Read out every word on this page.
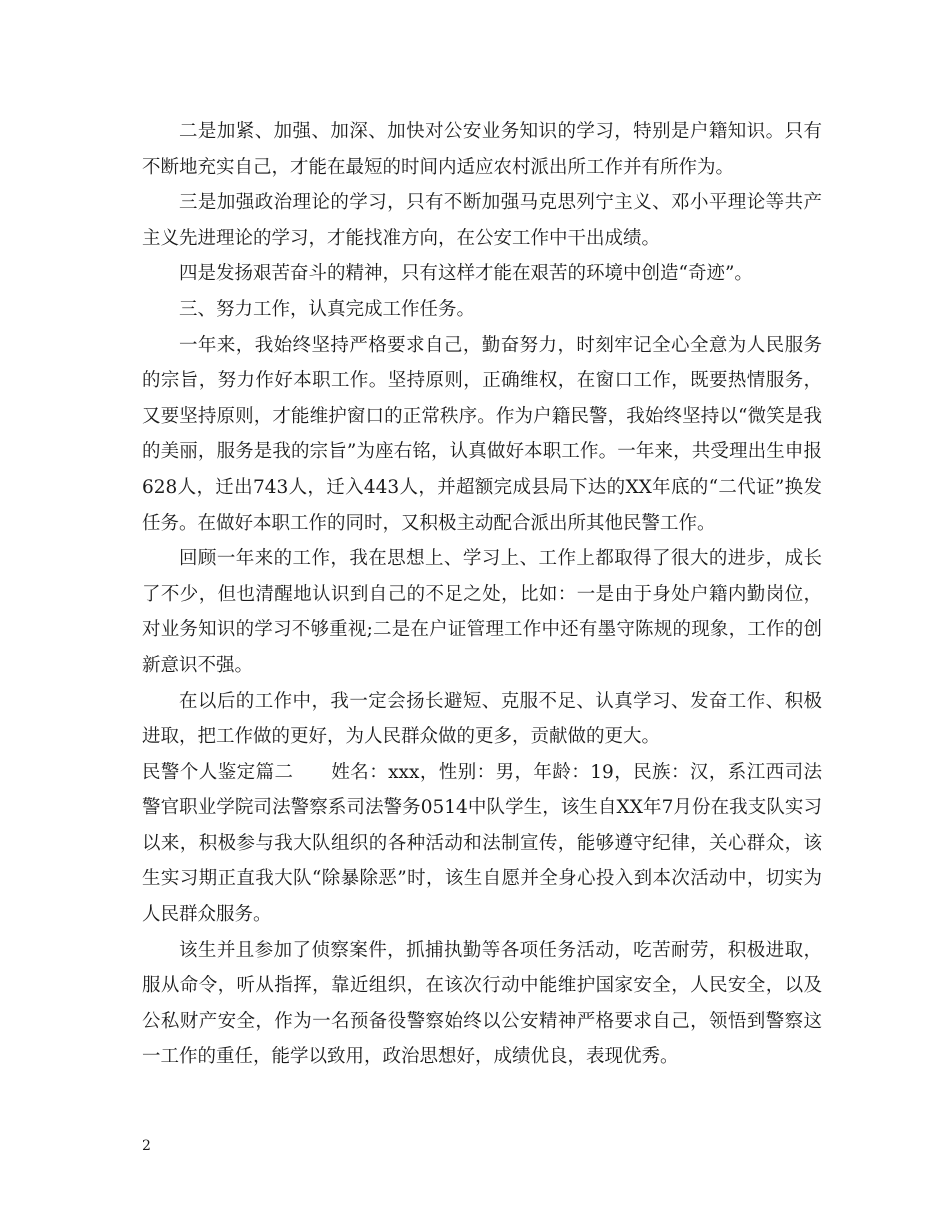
二是加紧、加强、加深、加快对公安业务知识的学习，特别是户籍知识。只有不断地充实自己，才能在最短的时间内适应农村派出所工作并有所作为。

三是加强政治理论的学习，只有不断加强马克思列宁主义、邓小平理论等共产主义先进理论的学习，才能找准方向，在公安工作中干出成绩。

四是发扬艰苦奋斗的精神，只有这样才能在艰苦的环境中创造“奇迹”。

三、努力工作，认真完成工作任务。

一年来，我始终坚持严格要求自己，勤奋努力，时刻牢记全心全意为人民服务的宗旨，努力作好本职工作。坚持原则，正确维权，在窗口工作，既要热情服务，又要坚持原则，才能维护窗口的正常秩序。作为户籍民警，我始终坚持以“微笑是我的美丽，服务是我的宗旨”为座右铭，认真做好本职工作。一年来，共受理出生申报628人，迁出743人，迁入443人，并超额完成县局下达的XX年底的“二代证”换发任务。在做好本职工作的同时，又积极主动配合派出所其他民警工作。

回顾一年来的工作，我在思想上、学习上、工作上都取得了很大的进步，成长了不少，但也清醒地认识到自己的不足之处，比如：一是由于身处户籍内勤岗位，对业务知识的学习不够重视;二是在户证管理工作中还有墨守陈规的现象，工作的创新意识不强。

在以后的工作中，我一定会扬长避短、克服不足、认真学习、发奋工作、积极进取，把工作做的更好，为人民群众做的更多，贡献做的更大。

民警个人鉴定篇二　　 姓名：xxx，性别：男，年龄：19，民族：汉，系江西司法警官职业学院司法警察系司法警务0514中队学生，该生自XX年7月份在我支队实习以来，积极参与我大队组织的各种活动和法制宣传，能够遵守纪律，关心群众，该生实习期正直我大队“除暴除恶”时，该生自愿并全身心投入到本次活动中，切实为人民群众服务。

该生并且参加了侦察案件，抓捕执勤等各项任务活动，吃苦耐劳，积极进取，服从命令，听从指挥，靠近组织，在该次行动中能维护国家安全，人民安全，以及公私财产安全，作为一名预备役警察始终以公安精神严格要求自己，领悟到警察这一工作的重任，能学以致用，政治思想好，成绩优良，表现优秀。

2
